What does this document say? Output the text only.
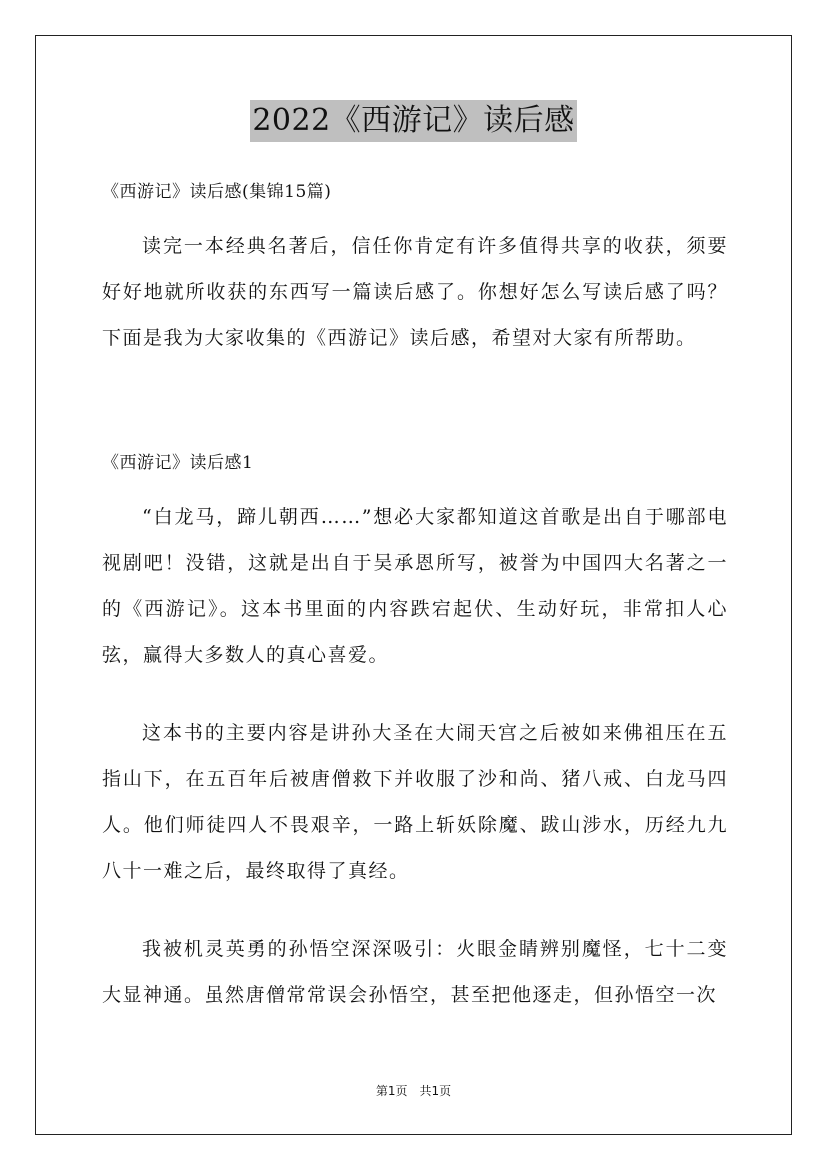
2022《西游记》读后感
《西游记》读后感(集锦15篇)

读完一本经典名著后，信任你肯定有许多值得共享的收获，须要好好地就所收获的东西写一篇读后感了。你想好怎么写读后感了吗？下面是我为大家收集的《西游记》读后感，希望对大家有所帮助。

《西游记》读后感1

“白龙马，蹄儿朝西……”想必大家都知道这首歌是出自于哪部电视剧吧！没错，这就是出自于吴承恩所写，被誉为中国四大名著之一的《西游记》。这本书里面的内容跌宕起伏、生动好玩，非常扣人心弦，赢得大多数人的真心喜爱。

这本书的主要内容是讲孙大圣在大闹天宫之后被如来佛祖压在五指山下，在五百年后被唐僧救下并收服了沙和尚、猪八戒、白龙马四人。他们师徒四人不畏艰辛，一路上斩妖除魔、跋山涉水，历经九九八十一难之后，最终取得了真经。

我被机灵英勇的孙悟空深深吸引：火眼金睛辨别魔怪，七十二变大显神通。虽然唐僧常常误会孙悟空，甚至把他逐走，但孙悟空一次

第1页　共1页
